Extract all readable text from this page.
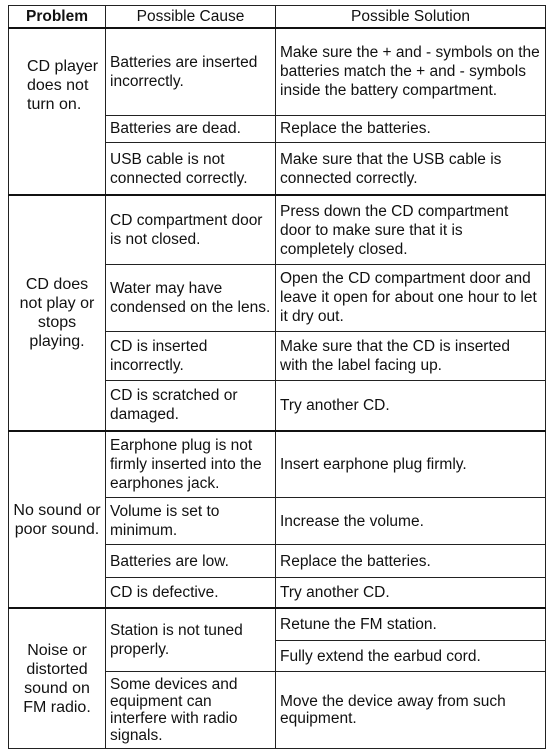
Problem	Possible Cause	Possible Solution
CD player does not turn on.	Batteries are inserted incorrectly.	Make sure the + and - symbols on the batteries match the + and - symbols inside the battery compartment.
	Batteries are dead.	Replace the batteries.
	USB cable is not connected correctly.	Make sure that the USB cable is connected correctly.
CD does not play or stops playing.	CD compartment door is not closed.	Press down the CD compartment door to make sure that it is completely closed.
	Water may have condensed on the lens.	Open the CD compartment door and leave it open for about one hour to let it dry out.
	CD is inserted incorrectly.	Make sure that the CD is inserted with the label facing up.
	CD is scratched or damaged.	Try another CD.
No sound or poor sound.	Earphone plug is not firmly inserted into the earphones jack.	Insert earphone plug firmly.
	Volume is set to minimum.	Increase the volume.
	Batteries are low.	Replace the batteries.
	CD is defective.	Try another CD.
Noise or distorted sound on FM radio.	Station is not tuned properly.	Retune the FM station.
		Fully extend the earbud cord.
	Some devices and equipment can interfere with radio signals.	Move the device away from such equipment.
